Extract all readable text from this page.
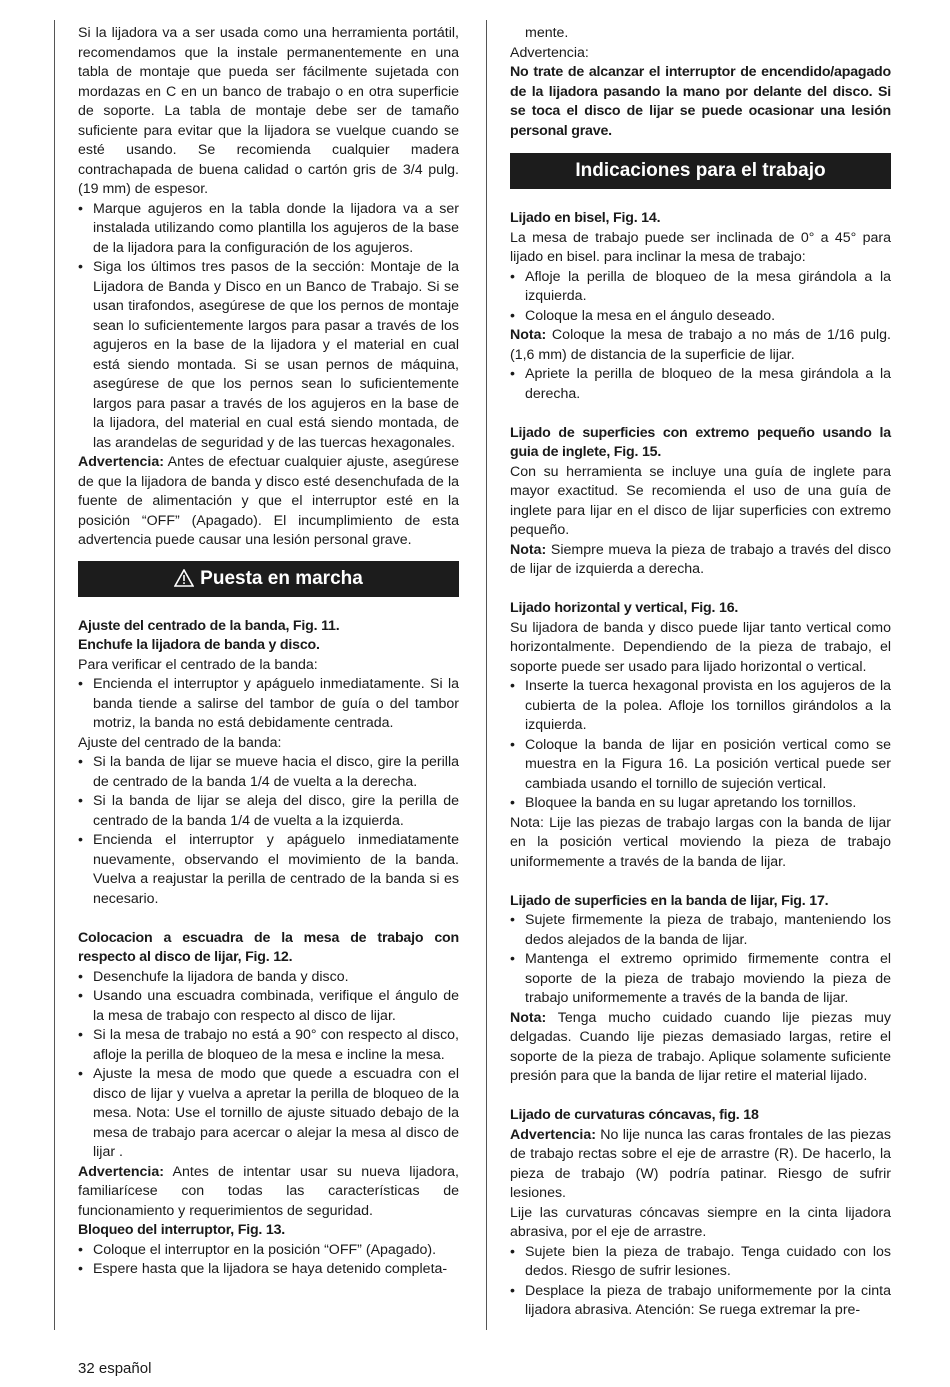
Si la lijadora va a ser usada como una herramienta portátil, recomendamos que la instale permanentemente en una tabla de montaje que pueda ser fácilmente sujetada con mordazas en C en un banco de trabajo o en otra superficie de soporte. La tabla de montaje debe ser de tamaño suficiente para evitar que la lijadora se vuelque cuando se esté usando. Se recomienda cualquier madera contrachapada de buena calidad o cartón gris de 3/4 pulg. (19 mm) de espesor.

• Marque agujeros en la tabla donde la lijadora va a ser instalada utilizando como plantilla los agujeros de la base de la lijadora para la configuración de los agujeros.

• Siga los últimos tres pasos de la sección: Montaje de la Lijadora de Banda y Disco en un Banco de Trabajo. Si se usan tirafondos, asegúrese de que los pernos de montaje sean lo suficientemente largos para pasar a través de los agujeros en la base de la lijadora y el material en cual está siendo montada. Si se usan pernos de máquina, asegúrese de que los pernos sean lo suficientemente largos para pasar a través de los agujeros en la base de la lijadora, del material en cual está siendo montada, de las arandelas de seguridad y de las tuercas hexagonales.

Advertencia: Antes de efectuar cualquier ajuste, asegúrese de que la lijadora de banda y disco esté desenchufada de la fuente de alimentación y que el interruptor esté en la posición “OFF” (Apagado). El incumplimiento de esta advertencia puede causar una lesión personal grave.

Puesta en marcha

Ajuste del centrado de la banda, Fig. 11.

Enchufe la lijadora de banda y disco.

Para verificar el centrado de la banda:

• Encienda el interruptor y apáguelo inmediatamente. Si la banda tiende a salirse del tambor de guía o del tambor motriz, la banda no está debidamente centrada.

Ajuste del centrado de la banda:

• Si la banda de lijar se mueve hacia el disco, gire la perilla de centrado de la banda 1/4 de vuelta a la derecha.

• Si la banda de lijar se aleja del disco, gire la perilla de centrado de la banda 1/4 de vuelta a la izquierda.

• Encienda el interruptor y apáguelo inmediatamente nuevamente, observando el movimiento de la banda. Vuelva a reajustar la perilla de centrado de la banda si es necesario.

Colocacion a escuadra de la mesa de trabajo con respecto al disco de lijar, Fig. 12.

• Desenchufe la lijadora de banda y disco.

• Usando una escuadra combinada, verifique el ángulo de la mesa de trabajo con respecto al disco de lijar.

• Si la mesa de trabajo no está a 90° con respecto al disco, afloje la perilla de bloqueo de la mesa e incline la mesa.

• Ajuste la mesa de modo que quede a escuadra con el disco de lijar y vuelva a apretar la perilla de bloqueo de la mesa. Nota: Use el tornillo de ajuste situado debajo de la mesa de trabajo para acercar o alejar la mesa al disco de lijar .

Advertencia: Antes de intentar usar su nueva lijadora, familiarícese con todas las características de funcionamiento y requerimientos de seguridad.

Bloqueo del interruptor, Fig. 13.

• Coloque el interruptor en la posición “OFF” (Apagado).

• Espere hasta que la lijadora se haya detenido completa-

mente.

Advertencia:

No trate de alcanzar el interruptor de encendido/apagado de la lijadora pasando la mano por delante del disco. Si se toca el disco de lijar se puede ocasionar una lesión personal grave.

Indicaciones para el trabajo

Lijado en bisel, Fig. 14.

La mesa de trabajo puede ser inclinada de 0° a 45° para lijado en bisel. para inclinar la mesa de trabajo:

• Afloje la perilla de bloqueo de la mesa girándola a la izquierda.

• Coloque la mesa en el ángulo deseado.

Nota: Coloque la mesa de trabajo a no más de 1/16 pulg. (1,6 mm) de distancia de la superficie de lijar.

• Apriete la perilla de bloqueo de la mesa girándola a la derecha.

Lijado de superficies con extremo pequeño usando la guia de inglete, Fig. 15.

Con su herramienta se incluye una guía de inglete para mayor exactitud. Se recomienda el uso de una guía de inglete para lijar en el disco de lijar superficies con extremo pequeño.

Nota: Siempre mueva la pieza de trabajo a través del disco de lijar de izquierda a derecha.

Lijado horizontal y vertical, Fig. 16.

Su lijadora de banda y disco puede lijar tanto vertical como horizontalmente. Dependiendo de la pieza de trabajo, el soporte puede ser usado para lijado horizontal o vertical.

• Inserte la tuerca hexagonal provista en los agujeros de la cubierta de la polea. Afloje los tornillos girándolos a la izquierda.

• Coloque la banda de lijar en posición vertical como se muestra en la Figura 16. La posición vertical puede ser cambiada usando el tornillo de sujeción vertical.

• Bloquee la banda en su lugar apretando los tornillos.

Nota: Lije las piezas de trabajo largas con la banda de lijar en la posición vertical moviendo la pieza de trabajo uniformemente a través de la banda de lijar.

Lijado de superficies en la banda de lijar, Fig. 17.

• Sujete firmemente la pieza de trabajo, manteniendo los dedos alejados de la banda de lijar.

• Mantenga el extremo oprimido firmemente contra el soporte de la pieza de trabajo moviendo la pieza de trabajo uniformemente a través de la banda de lijar.

Nota: Tenga mucho cuidado cuando lije piezas muy delgadas. Cuando lije piezas demasiado largas, retire el soporte de la pieza de trabajo. Aplique solamente suficiente presión para que la banda de lijar retire el material lijado.

Lijado de curvaturas cóncavas, fig. 18

Advertencia: No lije nunca las caras frontales de las piezas de trabajo rectas sobre el eje de arrastre (R). De hacerlo, la pieza de trabajo (W) podría patinar. Riesgo de sufrir lesiones.

Lije las curvaturas cóncavas siempre en la cinta lijadora abrasiva, por el eje de arrastre.

• Sujete bien la pieza de trabajo. Tenga cuidado con los dedos. Riesgo de sufrir lesiones.

• Desplace la pieza de trabajo uniformemente por la cinta lijadora abrasiva. Atención: Se ruega extremar la pre-

32 español
